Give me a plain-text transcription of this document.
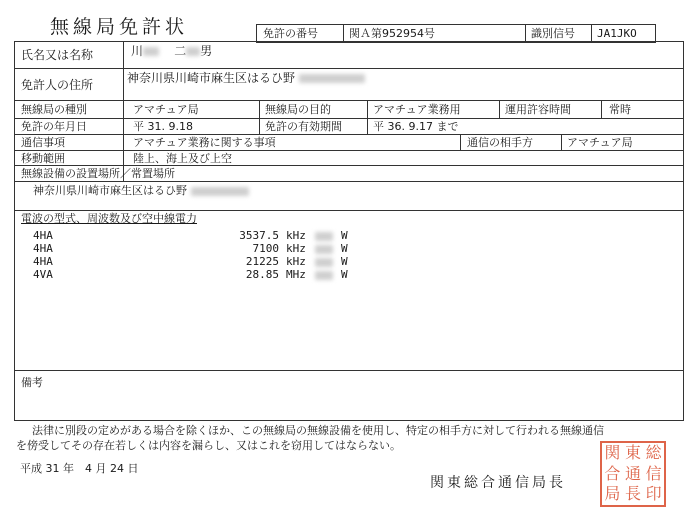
無線局免許状	免許の番号	関Ａ第952954号	識別信号 JA1JKO
氏名又は名称	川	二 男
免許人の住所	神奈川県川崎市麻生区はるひ野
無線局の種別	アマチュア局	無線局の目的	アマチュア業務用	運用許容時間	常時
免許の年月日	平 31. 9.18	免許の有効期間	平 36. 9.17 まで
通信事項	アマチュア業務に関する事項	通信の相手方	アマチュア局
移動範囲	陸上、海上及び上空
無線設備の設置場所／常置場所
神奈川県川崎市麻生区はるひ野
電波の型式、周波数及び空中線電力
4HA	3537.5 kHz	W
4HA	7100 kHz	W
4HA	21225 kHz	W
4VA	28.85 MHz	W
備考
法律に別段の定めがある場合を除くほか、この無線局の無線設備を使用し、特定の相手方に対して行われる無線通信
を傍受してその存在若しくは内容を漏らし、又はこれを窃用してはならない。
平成 31 年　4 月 24 日
関東総合通信局長
関 東 総
合 通 信
局 長 印
